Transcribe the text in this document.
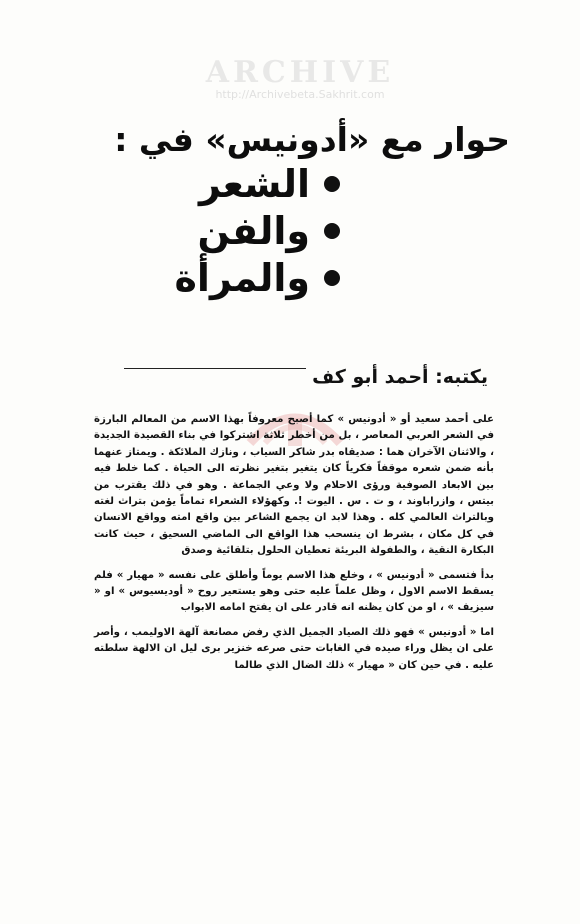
ARCHIVE
http://Archivebeta.Sakhrit.com
حوار مع «أدونيس» في :
الشعر
والفن
والمرأة
يكتبه: أحمد أبو كف

على أحمد سعيد أو « أدونيس » كما أصبح معروفاً بهذا الاسم من المعالم البارزة في الشعر العربي المعاصر ، بل من أخطر ثلاثة اشتركوا في بناء القصيدة الجديدة ، والاثنان الآخران هما : صديقاه بدر شاكر السياب ، ونازك الملائكة . ويمتاز عنهما بأنه ضمن شعره موقفاً فكرياً كان يتغير بتغير نظرته الى الحياة . كما خلط فيه بين الابعاد الصوفية ورؤى الاحلام ولا وعي الجماعة . وهو في ذلك يقترب من بيتس ، وازراباوند ، و ت . س . اليوت !. وكهؤلاء الشعراء تماماً يؤمن بتراث لغته وبالتراث العالمي كله . وهذا لابد ان يجمع الشاعر بين واقع امته وواقع الانسان في كل مكان ، بشرط ان ينسحب هذا الواقع الى الماضي السحيق ، حيث كانت البكارة النقية ، والطفولة البريئة تعطيان الحلول بتلقائية وصدق

بدأ فتسمى « أدونيس » ، وخلع هذا الاسم يوماً وأطلق على نفسه « مهيار » فلم يسقط الاسم الاول ، وظل علماً عليه حتى وهو يستعير روح « أوديسيوس » او « سيزيف » ، او من كان يظنه انه قادر على ان يفتح امامه الابواب

اما « أدونيس » فهو ذلك الصياد الجميل الذي رفض مصانعة آلهة الاوليمب ، وأصر على ان يظل وراء صيده في الغابات حتى صرعه خنزير برى ليل ان الالهة سلطته عليه . في حين كان « مهيار » ذلك الضال الذي طالما
